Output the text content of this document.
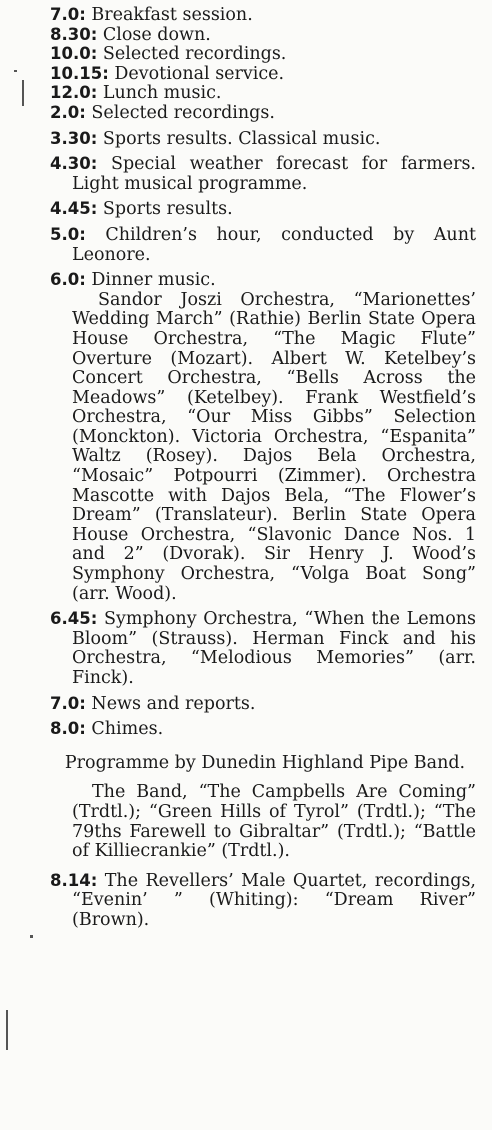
7.0: Breakfast session.

8.30: Close down.

10.0: Selected recordings.

10.15: Devotional service.

12.0: Lunch music.

2.0: Selected recordings.

3.30: Sports results. Classical music.

4.30: Special weather forecast for farmers. Light musical programme.

4.45: Sports results.

5.0: Children’s hour, conducted by Aunt Leonore.

6.0: Dinner music.

Sandor Joszi Orchestra, “Marionettes’ Wedding March” (Rathie) Berlin State Opera House Orchestra, “The Magic Flute” Overture (Mozart). Albert W. Ketelbey’s Concert Orchestra, “Bells Across the Meadows” (Ketelbey). Frank Westfield’s Orchestra, “Our Miss Gibbs” Selection (Monckton). Victoria Orchestra, “Espanita” Waltz (Rosey). Dajos Bela Orchestra, “Mosaic” Potpourri (Zimmer). Orchestra Mascotte with Dajos Bela, “The Flower’s Dream” (Translateur). Berlin State Opera House Orchestra, “Slavonic Dance Nos. 1 and 2” (Dvorak). Sir Henry J. Wood’s Symphony Orchestra, “Volga Boat Song” (arr. Wood).

6.45: Symphony Orchestra, “When the Lemons Bloom” (Strauss). Herman Finck and his Orchestra, “Melodious Memories” (arr. Finck).

7.0: News and reports.

8.0: Chimes.

Programme by Dunedin Highland Pipe Band.

The Band, “The Campbells Are Coming” (Trdtl.); “Green Hills of Tyrol” (Trdtl.); “The 79ths Farewell to Gibraltar” (Trdtl.); “Battle of Killiecrankie” (Trdtl.).

8.14: The Revellers’ Male Quartet, recordings, “Evenin’ ” (Whiting): “Dream River” (Brown).
